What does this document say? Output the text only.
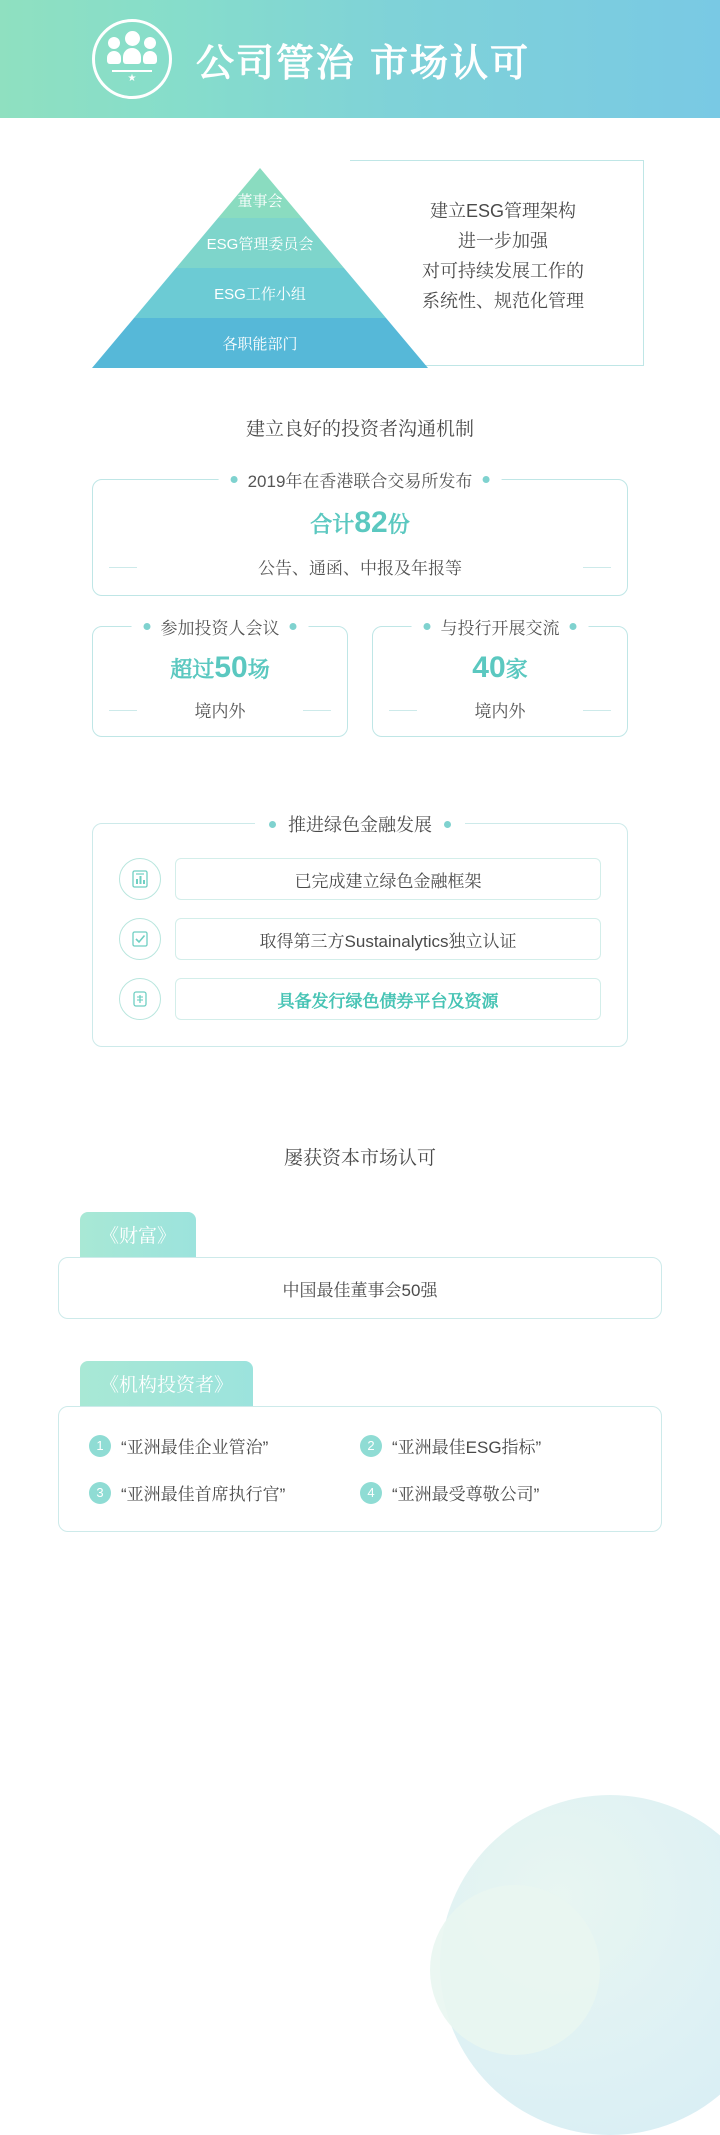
★ 公司管治 市场认可
董事会
ESG管理委员会
ESG工作小组
各职能部门
建立ESG管理架构
进一步加强
对可持续发展工作的
系统性、规范化管理
建立良好的投资者沟通机制
2019年在香港联合交易所发布
合计82份
公告、通函、中报及年报等
参加投资人会议
超过50场
境内外
与投行开展交流
40家
境内外
推进绿色金融发展
已完成建立绿色金融框架
取得第三方Sustainalytics独立认证
具备发行绿色债券平台及资源
屡获资本市场认可
《财富》
中国最佳董事会50强
《机构投资者》
1	“亚洲最佳企业管治”	2	“亚洲最佳ESG指标”
3	“亚洲最佳首席执行官”	4	“亚洲最受尊敬公司”
